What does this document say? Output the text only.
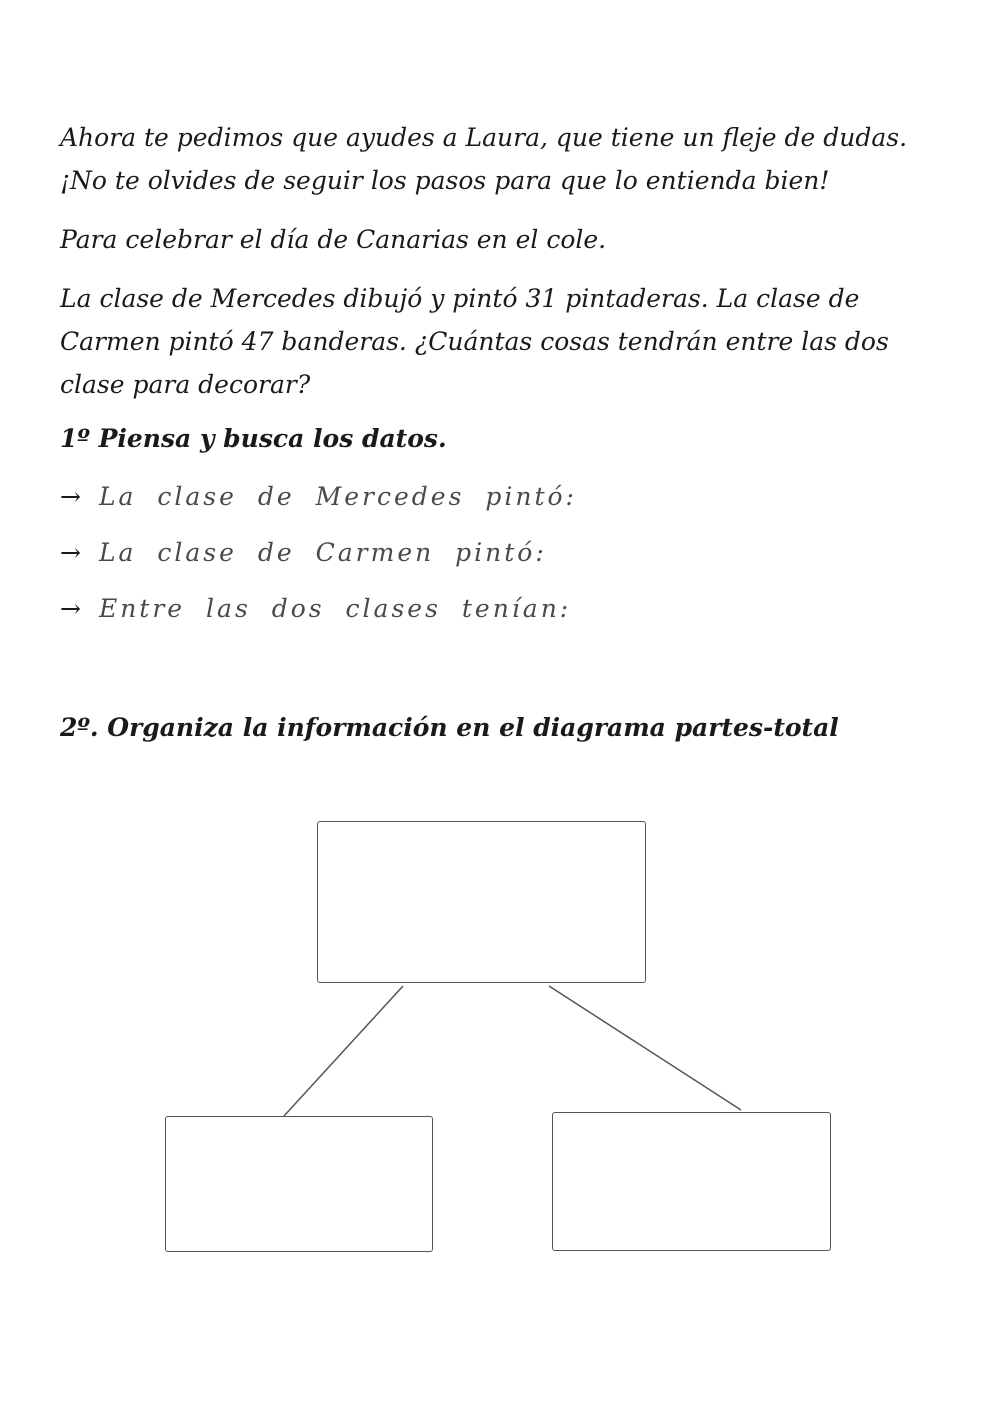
Ahora te pedimos que ayudes a Laura, que tiene un fleje de dudas. ¡No te olvides de seguir los pasos para que lo entienda bien!

Para celebrar el día de Canarias en el cole.

La clase de Mercedes dibujó y pintó 31 pintaderas. La clase de Carmen pintó 47 banderas. ¿Cuántas cosas tendrán entre las dos clase para decorar?

1º Piensa y busca los datos.
→ La clase de Mercedes pintó:
→ La clase de Carmen pintó:
→ Entre las dos clases tenían:
2º. Organiza la información en el diagrama partes-total
